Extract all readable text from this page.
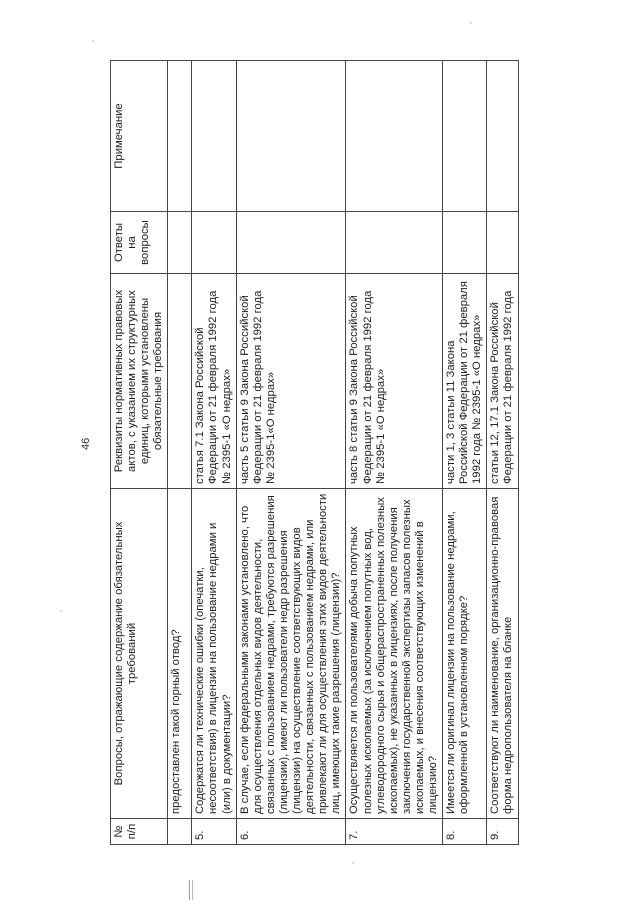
46
№ п/п	Вопросы, отражающие содержание обязательных требований	Реквизиты нормативных правовых актов, с указанием их структурных единиц, которыми установлены обязательные требования	Ответы на вопросы	Примечание
	предоставлен такой горный отвод?			
5.	Содержатся ли технические ошибки (опечатки, несоответствия) в лицензии на пользование недрами и (или) в документации?	статья 7.1 Закона Российской Федерации от 21 февраля 1992 года № 2395-1 «О недрах»		
6.	В случае, если федеральными законами установлено, что для осуществления отдельных видов деятельности, связанных с пользованием недрами, требуются разрешения (лицензии), имеют ли пользователи недр разрешения (лицензии) на осуществление соответствующих видов деятельности, связанных с пользованием недрами, или привлекают ли для осуществления этих видов деятельности лиц, имеющих такие разрешения (лицензии)?	часть 5 статьи 9 Закона Российской Федерации от 21 февраля 1992 года № 2395-1«О недрах»		
7.	Осуществляется ли пользователями добыча попутных полезных ископаемых (за исключением попутных вод, углеводородного сырья и общераспространенных полезных ископаемых), не указанных в лицензиях, после получения заключения государственной экспертизы запасов полезных ископаемых, и внесения соответствующих изменений в лицензию?	часть 8 статьи 9 Закона Российской Федерации от 21 февраля 1992 года № 2395-1 «О недрах»		
8.	Имеется ли оригинал лицензии на пользование недрами, оформленной в установленном порядке?	части 1, 3 статьи 11 Закона Российской Федерации от 21 февраля 1992 года № 2395-1 «О недрах»		
9.	Соответствуют ли наименование, организационно-правовая форма недропользователя на бланке	статьи 12, 17.1 Закона Российской Федерации от 21 февраля 1992 года		
